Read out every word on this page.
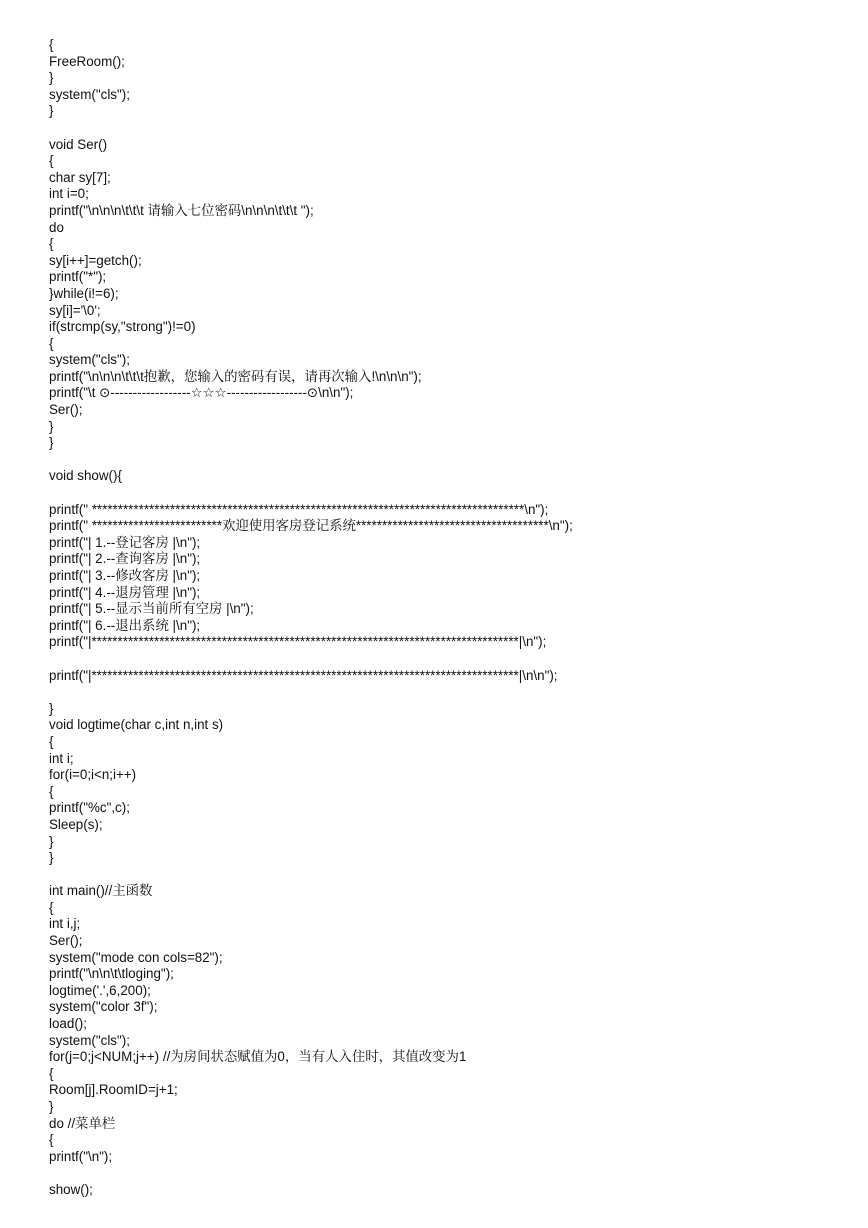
{
FreeRoom();
}
system("cls");
}
void Ser()
{
char sy[7];
int i=0;
printf("\n\n\n\t\t\t 请输入七位密码\n\n\n\t\t\t ");
do
{
sy[i++]=getch();
printf("*");
}while(i!=6);
sy[i]='\0';
if(strcmp(sy,"strong")!=0)
{
system("cls");
printf("\n\n\n\t\t\t抱歉，您输入的密码有误，请再次输入!\n\n\n");
printf("\t ⊙------------------☆☆☆------------------⊙\n\n");
Ser();
}
}
void show(){
printf(" ***********************************************************************************\n");
printf(" *************************欢迎使用客房登记系统*************************************\n");
printf("| 1.--登记客房 |\n");
printf("| 2.--查询客房 |\n");
printf("| 3.--修改客房 |\n");
printf("| 4.--退房管理 |\n");
printf("| 5.--显示当前所有空房 |\n");
printf("| 6.--退出系统 |\n");
printf("|**********************************************************************************|\n");
printf("|**********************************************************************************|\n\n");
}
void logtime(char c,int n,int s)
{
int i;
for(i=0;i<n;i++)
{
printf("%c",c);
Sleep(s);
}
}
int main()//主函数
{
int i,j;
Ser();
system("mode con cols=82");
printf("\n\n\t\tloging");
logtime('.',6,200);
system("color 3f");
load();
system("cls");
for(j=0;j<NUM;j++) //为房间状态赋值为0，当有人入住时，其值改变为1
{
Room[j].RoomID=j+1;
}
do //菜单栏
{
printf("\n");
show();
